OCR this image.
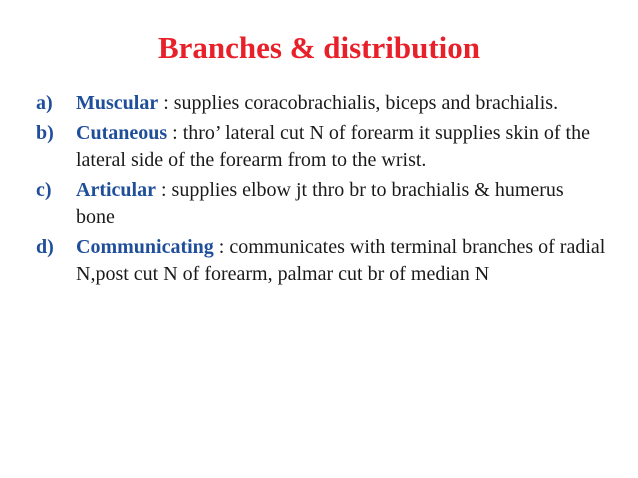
Branches & distribution
a) Muscular : supplies coracobrachialis, biceps and brachialis.
b) Cutaneous : thro’ lateral cut N of forearm it supplies skin of the lateral side of the forearm from to the wrist.
c) Articular : supplies elbow jt thro br to brachialis & humerus bone
d) Communicating : communicates with terminal branches of radial N,post cut N of forearm, palmar cut br of median N
